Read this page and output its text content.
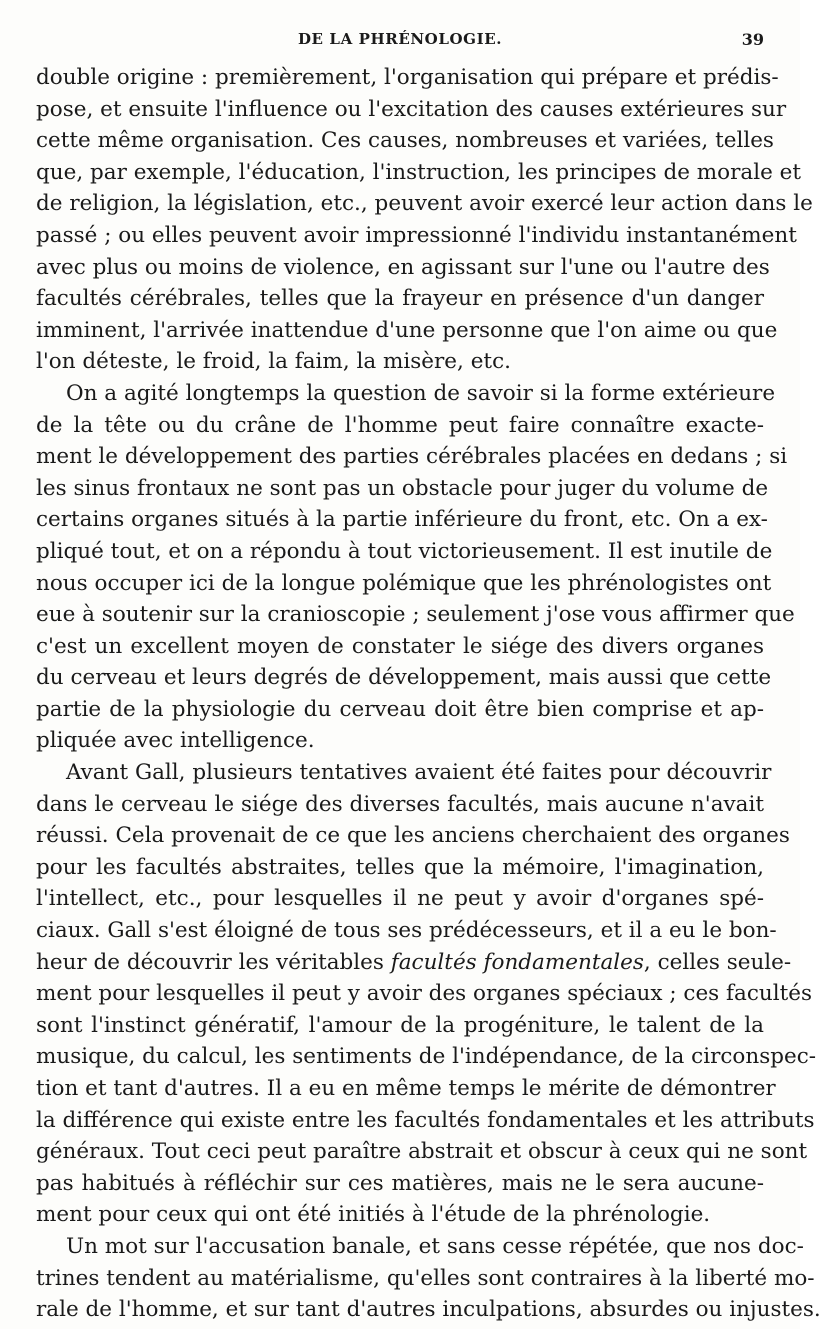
DE LA PHRÉNOLOGIE.	39
double origine : premièrement, l'organisation qui prépare et prédis-
pose, et ensuite l'influence ou l'excitation des causes extérieures sur
cette même organisation. Ces causes, nombreuses et variées, telles
que, par exemple, l'éducation, l'instruction, les principes de morale et
de religion, la législation, etc., peuvent avoir exercé leur action dans le
passé ; ou elles peuvent avoir impressionné l'individu instantanément
avec plus ou moins de violence, en agissant sur l'une ou l'autre des
facultés cérébrales, telles que la frayeur en présence d'un danger
imminent, l'arrivée inattendue d'une personne que l'on aime ou que
l'on déteste, le froid, la faim, la misère, etc.
On a agité longtemps la question de savoir si la forme extérieure
de la tête ou du crâne de l'homme peut faire connaître exacte-
ment le développement des parties cérébrales placées en dedans ; si
les sinus frontaux ne sont pas un obstacle pour juger du volume de
certains organes situés à la partie inférieure du front, etc. On a ex-
pliqué tout, et on a répondu à tout victorieusement. Il est inutile de
nous occuper ici de la longue polémique que les phrénologistes ont
eue à soutenir sur la cranioscopie ; seulement j'ose vous affirmer que
c'est un excellent moyen de constater le siége des divers organes
du cerveau et leurs degrés de développement, mais aussi que cette
partie de la physiologie du cerveau doit être bien comprise et ap-
pliquée avec intelligence.
Avant Gall, plusieurs tentatives avaient été faites pour découvrir
dans le cerveau le siége des diverses facultés, mais aucune n'avait
réussi. Cela provenait de ce que les anciens cherchaient des organes
pour les facultés abstraites, telles que la mémoire, l'imagination,
l'intellect, etc., pour lesquelles il ne peut y avoir d'organes spé-
ciaux. Gall s'est éloigné de tous ses prédécesseurs, et il a eu le bon-
heur de découvrir les véritables facultés fondamentales, celles seule-
ment pour lesquelles il peut y avoir des organes spéciaux ; ces facultés
sont l'instinct génératif, l'amour de la progéniture, le talent de la
musique, du calcul, les sentiments de l'indépendance, de la circonspec-
tion et tant d'autres. Il a eu en même temps le mérite de démontrer
la différence qui existe entre les facultés fondamentales et les attributs
généraux. Tout ceci peut paraître abstrait et obscur à ceux qui ne sont
pas habitués à réfléchir sur ces matières, mais ne le sera aucune-
ment pour ceux qui ont été initiés à l'étude de la phrénologie.
Un mot sur l'accusation banale, et sans cesse répétée, que nos doc-
trines tendent au matérialisme, qu'elles sont contraires à la liberté mo-
rale de l'homme, et sur tant d'autres inculpations, absurdes ou injustes.
